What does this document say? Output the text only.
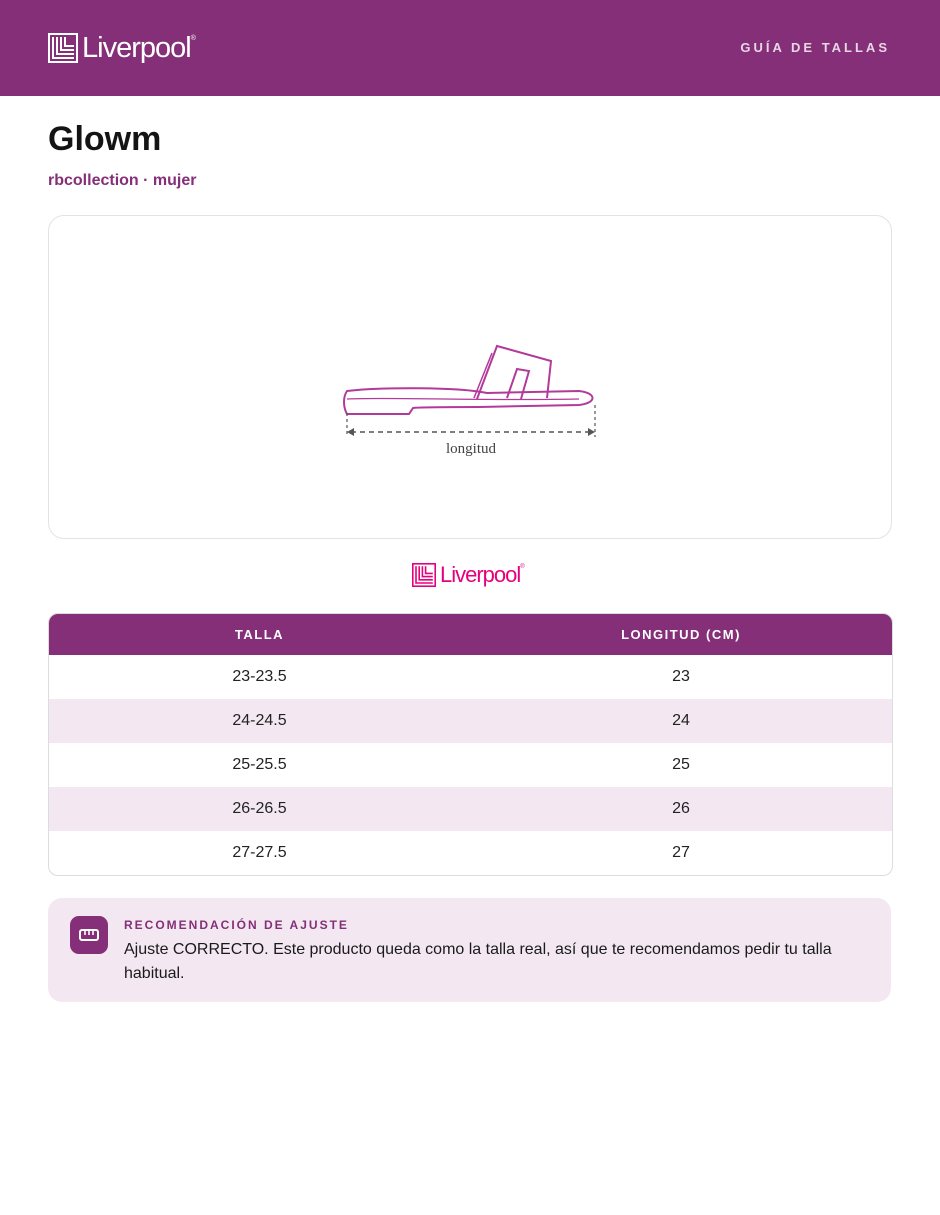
Liverpool ®
GUÍA DE TALLAS
Glowm
rbcollection · mujer
longitud
Liverpool ®
TALLA	LONGITUD (CM)
23-23.5	23
24-24.5	24
25-25.5	25
26-26.5	26
27-27.5	27
RECOMENDACIÓN DE AJUSTE
Ajuste CORRECTO. Este producto queda como la talla real, así que te recomendamos pedir tu talla habitual.
